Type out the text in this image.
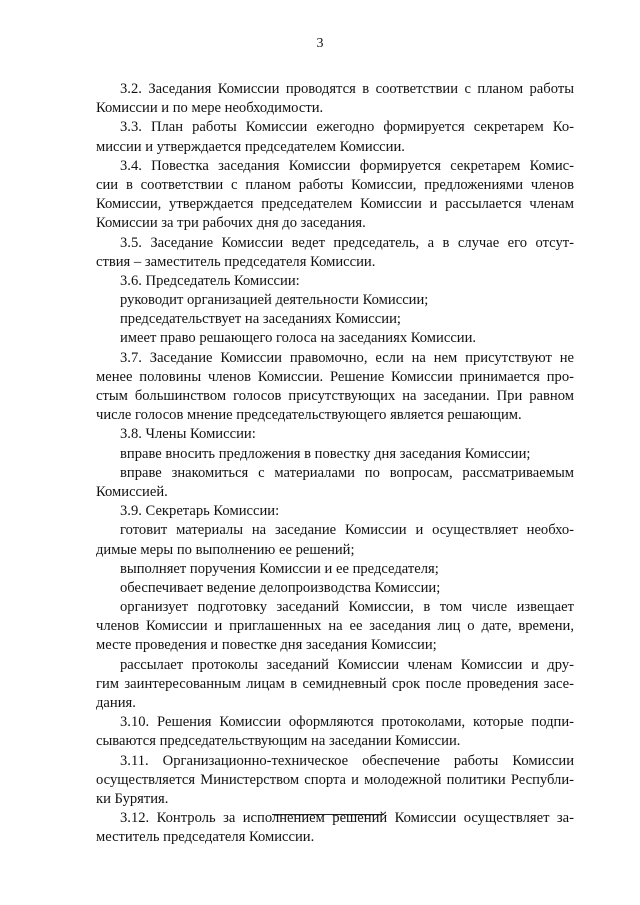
3
3.2. Заседания Комиссии проводятся в соответствии с планом работы
Комиссии и по мере необходимости.
3.3. План работы Комиссии ежегодно формируется секретарем Ко-
миссии и утверждается председателем Комиссии.
3.4. Повестка заседания Комиссии формируется секретарем Комис-
сии в соответствии с планом работы Комиссии, предложениями членов
Комиссии, утверждается председателем Комиссии и рассылается членам
Комиссии за три рабочих дня до заседания.
3.5. Заседание Комиссии ведет председатель, а в случае его отсут-
ствия – заместитель председателя Комиссии.
3.6. Председатель Комиссии:
руководит организацией деятельности Комиссии;
председательствует на заседаниях Комиссии;
имеет право решающего голоса на заседаниях Комиссии.
3.7. Заседание Комиссии правомочно, если на нем присутствуют не
менее половины членов Комиссии. Решение Комиссии принимается про-
стым большинством голосов присутствующих на заседании. При равном
числе голосов мнение председательствующего является решающим.
3.8. Члены Комиссии:
вправе вносить предложения в повестку дня заседания Комиссии;
вправе знакомиться с материалами по вопросам, рассматриваемым
Комиссией.
3.9. Секретарь Комиссии:
готовит материалы на заседание Комиссии и осуществляет необхо-
димые меры по выполнению ее решений;
выполняет поручения Комиссии и ее председателя;
обеспечивает ведение делопроизводства Комиссии;
организует подготовку заседаний Комиссии, в том числе извещает
членов Комиссии и приглашенных на ее заседания лиц о дате, времени,
месте проведения и повестке дня заседания Комиссии;
рассылает протоколы заседаний Комиссии членам Комиссии и дру-
гим заинтересованным лицам в семидневный срок после проведения засе-
дания.
3.10. Решения Комиссии оформляются протоколами, которые подпи-
сываются председательствующим на заседании Комиссии.
3.11. Организационно-техническое обеспечение работы Комиссии
осуществляется Министерством спорта и молодежной политики Республи-
ки Бурятия.
3.12. Контроль за исполнением решений Комиссии осуществляет за-
меститель председателя Комиссии.
